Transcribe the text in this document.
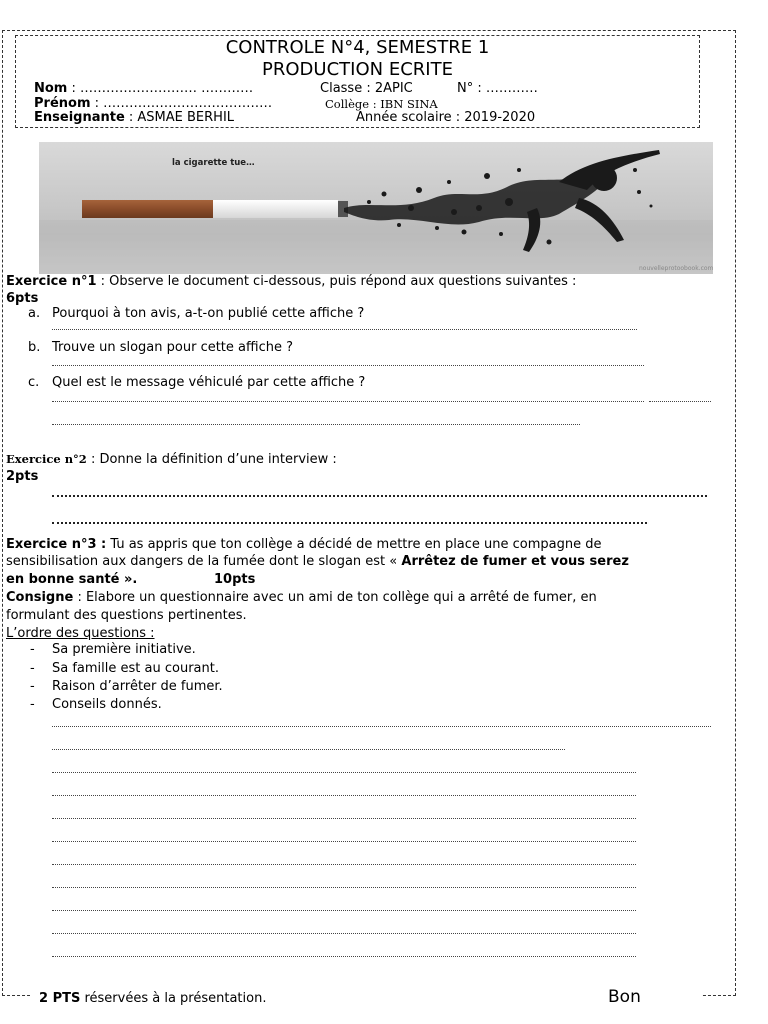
CONTROLE N°4, SEMESTRE 1
PRODUCTION ECRITE
Nom : ……………………… …………	Classe : 2APIC	N° : …………
Prénom : …………………………………	Collège : IBN SINA
Enseignante : ASMAE BERHIL	Année scolaire : 2019-2020
nouvelleprotoobook.com
la cigarette tue…
Exercice n°1 : Observe le document ci-dessous, puis répond aux questions suivantes :
6pts
a. Pourquoi à ton avis, a-t-on publié cette affiche ?
b. Trouve un slogan pour cette affiche ?
c. Quel est le message véhiculé par cette affiche ?
Exercice n°2 : Donne la définition d’une interview :
2pts
Exercice n°3 : Tu as appris que ton collège a décidé de mettre en place une compagne de
sensibilisation aux dangers de la fumée dont le slogan est « Arrêtez de fumer et vous serez
en bonne santé ».	10pts
Consigne : Elabore un questionnaire avec un ami de ton collège qui a arrêté de fumer, en
formulant des questions pertinentes.
L’ordre des questions :
- Sa première initiative.
- Sa famille est au courant.
- Raison d’arrêter de fumer.
- Conseils donnés.
2 PTS réservées à la présentation.	Bon
